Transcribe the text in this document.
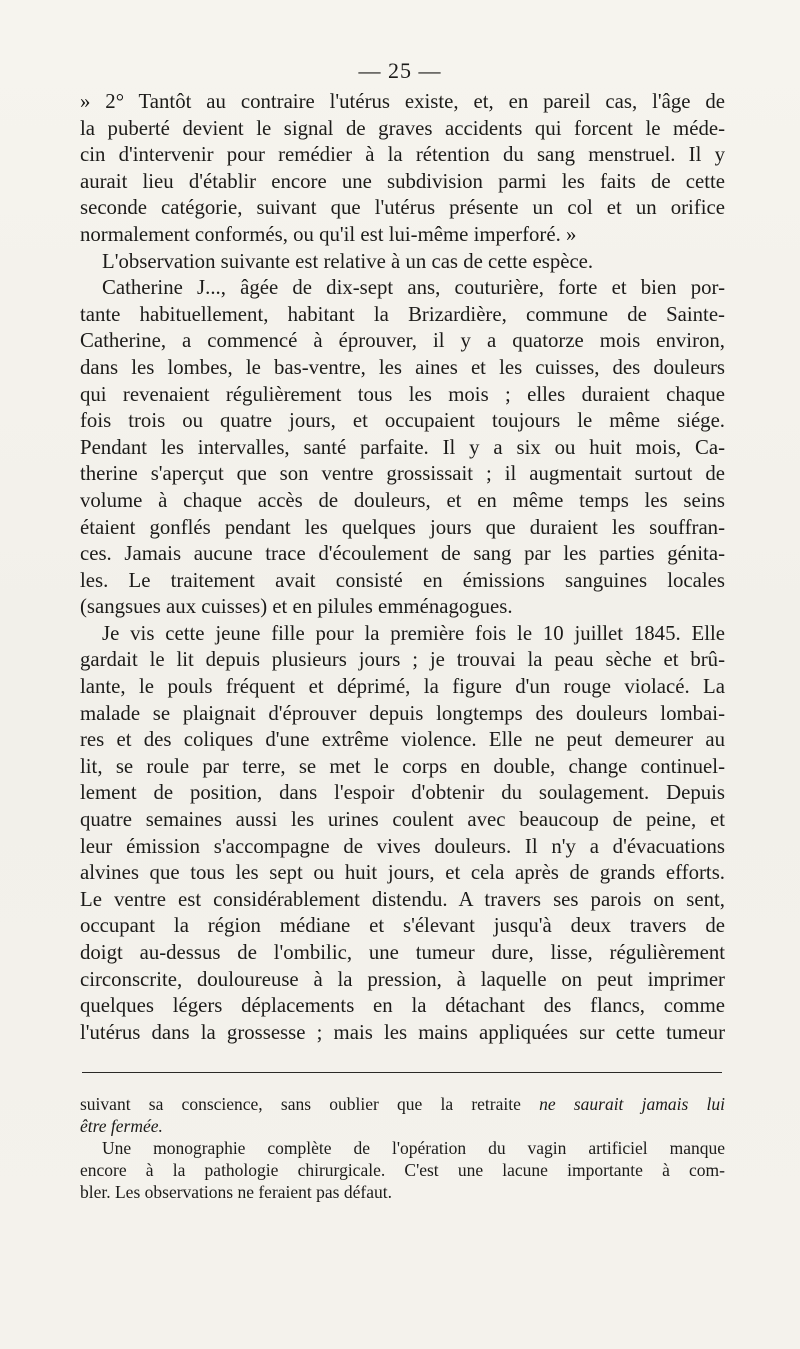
— 25 —
» 2° Tantôt au contraire l'utérus existe, et, en pareil cas, l'âge de
la puberté devient le signal de graves accidents qui forcent le méde-
cin d'intervenir pour remédier à la rétention du sang menstruel. Il y
aurait lieu d'établir encore une subdivision parmi les faits de cette
seconde catégorie, suivant que l'utérus présente un col et un orifice
normalement conformés, ou qu'il est lui-même imperforé. »
L'observation suivante est relative à un cas de cette espèce.
Catherine J..., âgée de dix-sept ans, couturière, forte et bien por-
tante habituellement, habitant la Brizardière, commune de Sainte-
Catherine, a commencé à éprouver, il y a quatorze mois environ,
dans les lombes, le bas-ventre, les aines et les cuisses, des douleurs
qui revenaient régulièrement tous les mois ; elles duraient chaque
fois trois ou quatre jours, et occupaient toujours le même siége.
Pendant les intervalles, santé parfaite. Il y a six ou huit mois, Ca-
therine s'aperçut que son ventre grossissait ; il augmentait surtout de
volume à chaque accès de douleurs, et en même temps les seins
étaient gonflés pendant les quelques jours que duraient les souffran-
ces. Jamais aucune trace d'écoulement de sang par les parties génita-
les. Le traitement avait consisté en émissions sanguines locales
(sangsues aux cuisses) et en pilules emménagogues.
Je vis cette jeune fille pour la première fois le 10 juillet 1845. Elle
gardait le lit depuis plusieurs jours ; je trouvai la peau sèche et brû-
lante, le pouls fréquent et déprimé, la figure d'un rouge violacé. La
malade se plaignait d'éprouver depuis longtemps des douleurs lombai-
res et des coliques d'une extrême violence. Elle ne peut demeurer au
lit, se roule par terre, se met le corps en double, change continuel-
lement de position, dans l'espoir d'obtenir du soulagement. Depuis
quatre semaines aussi les urines coulent avec beaucoup de peine, et
leur émission s'accompagne de vives douleurs. Il n'y a d'évacuations
alvines que tous les sept ou huit jours, et cela après de grands efforts.
Le ventre est considérablement distendu. A travers ses parois on sent,
occupant la région médiane et s'élevant jusqu'à deux travers de
doigt au-dessus de l'ombilic, une tumeur dure, lisse, régulièrement
circonscrite, douloureuse à la pression, à laquelle on peut imprimer
quelques légers déplacements en la détachant des flancs, comme
l'utérus dans la grossesse ; mais les mains appliquées sur cette tumeur
suivant sa conscience, sans oublier que la retraite ne saurait jamais lui
être fermée.
Une monographie complète de l'opération du vagin artificiel manque
encore à la pathologie chirurgicale. C'est une lacune importante à com-
bler. Les observations ne feraient pas défaut.
